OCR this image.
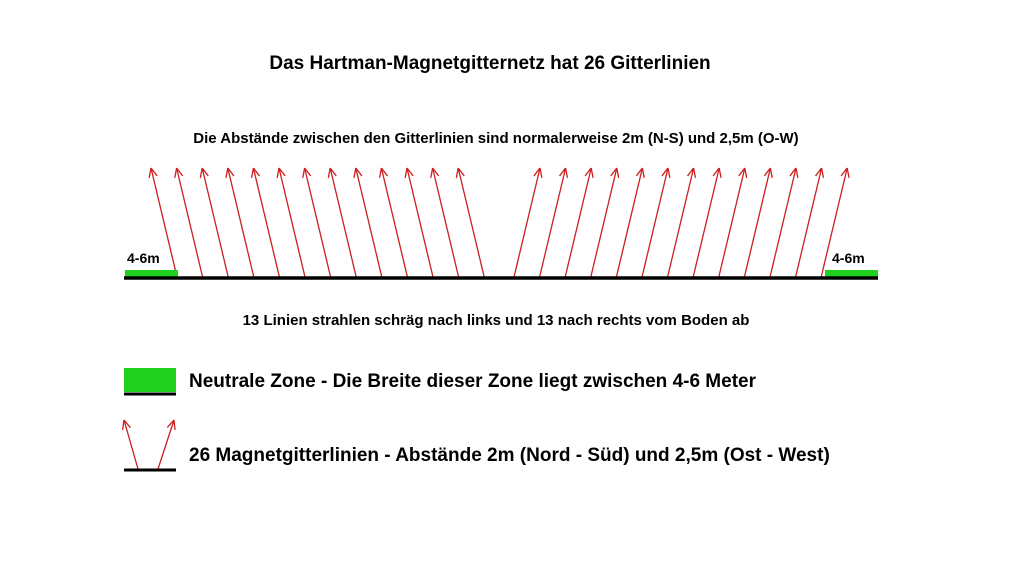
Das Hartman-Magnetgitternetz hat 26 Gitterlinien
Die Abstände zwischen den Gitterlinien sind normalerweise 2m (N-S) und 2,5m (O-W)
4-6m	4-6m
13 Linien strahlen schräg nach links und 13 nach rechts vom Boden ab
Neutrale Zone - Die Breite dieser Zone liegt zwischen 4-6 Meter
26 Magnetgitterlinien - Abstände 2m (Nord - Süd) und 2,5m (Ost - West)
